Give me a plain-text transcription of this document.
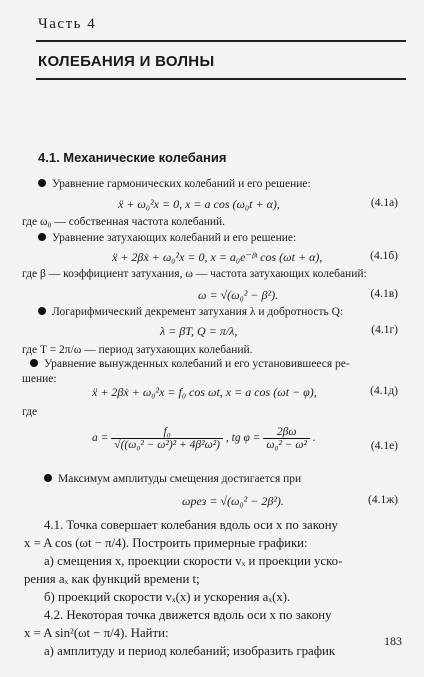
Часть 4
КОЛЕБАНИЯ И ВОЛНЫ
4.1. Механические колебания
Уравнение гармонических колебаний и его решение:
ẍ + ω₀²x = 0, x = a cos (ω₀t + α),	(4.1а)
где ω₀ — собственная частота колебаний.
Уравнение затухающих колебаний и его решение:
ẍ + 2βẋ + ω₀²x = 0, x = a₀e⁻ᵝᵗ cos (ωt + α),	(4.1б)
где β — коэффициент затухания, ω — частота затухающих колебаний:
ω = √(ω₀² − β²).	(4.1в)
Логарифмический декремент затухания λ и добротность Q:
λ = βT, Q = π/λ,	(4.1г)
где T = 2π/ω — период затухающих колебаний.
Уравнение вынужденных колебаний и его установившееся ре-
шение:
ẍ + 2βẋ + ω₀²x = f₀ cos ωt, x = a cos (ωt − φ),	(4.1д)
где
$a = \frac{\text{f₀}}{\text{√((ω₀² − ω²)² + 4β²ω²)}}$ , tg $\varphi = \frac{2\beta\omega}{\text{ω₀² − ω²}}$ .
(4.1е)
Максимум амплитуды смещения достигается при
ωрез = √(ω₀² − 2β²).	(4.1ж)
4.1. Точка совершает колебания вдоль оси x по закону
x = A cos (ωt − π/4). Построить примерные графики:
а) смещения x, проекции скорости vₓ и проекции уско-
рения aₓ как функций времени t;
б) проекций скорости vₓ(x) и ускорения aₓ(x).
4.2. Некоторая точка движется вдоль оси x по закону
x = A sin²(ωt − π/4). Найти:
а) амплитуду и период колебаний; изобразить график
183
